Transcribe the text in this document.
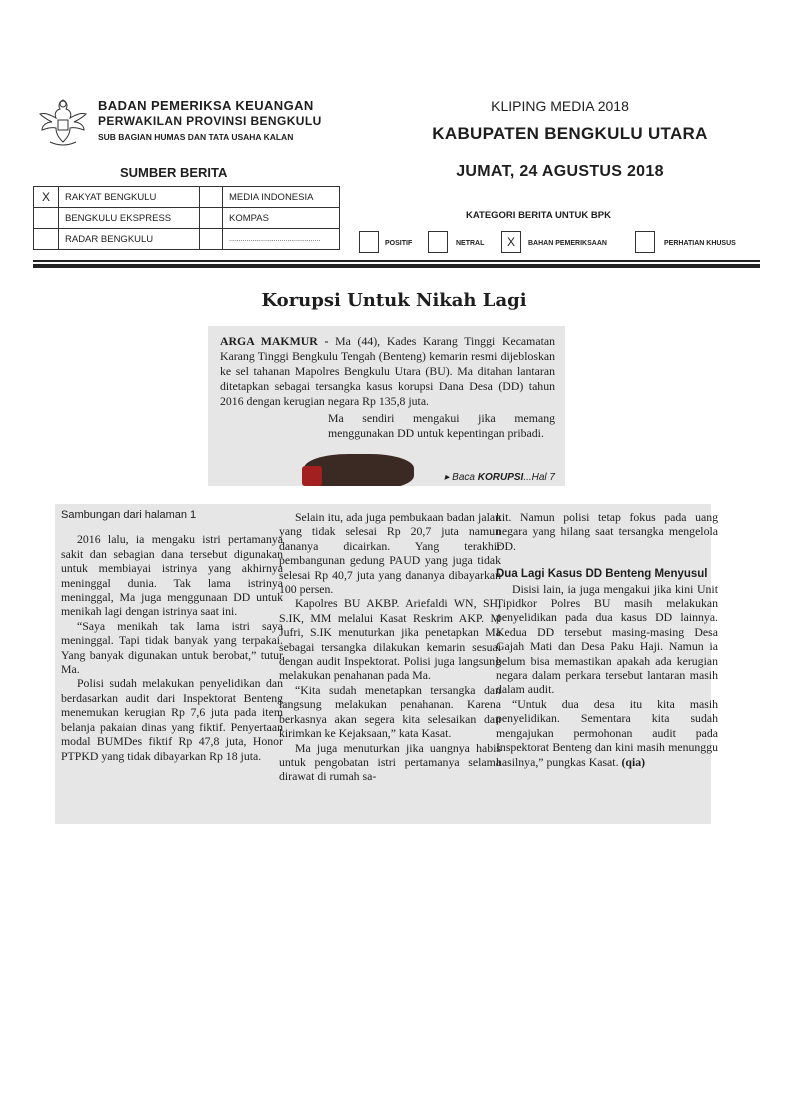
BADAN PEMERIKSA KEUANGAN
PERWAKILAN PROVINSI BENGKULU
SUB BAGIAN HUMAS DAN TATA USAHA KALAN
KLIPING MEDIA 2018
KABUPATEN BENGKULU UTARA
JUMAT, 24 AGUSTUS 2018
SUMBER BERITA
X	RAKYAT BENGKULU		MEDIA INDONESIA
	BENGKULU EKSPRESS		KOMPAS
	RADAR BENGKULU		...............................................
KATEGORI BERITA UNTUK BPK
POSITIF	NETRAL	X	BAHAN PEMERIKSAAN	PERHATIAN KHUSUS
Korupsi Untuk Nikah Lagi

ARGA MAKMUR - Ma (44), Kades Karang Tinggi Kecamatan Karang Tinggi Bengkulu Tengah (Benteng) kemarin resmi dijebloskan ke sel tahanan Mapolres Bengkulu Utara (BU). Ma ditahan lantaran ditetapkan sebagai tersangka kasus korupsi Dana Desa (DD) tahun 2016 dengan kerugian negara Rp 135,8 juta.

Ma sendiri mengakui jika memang menggunakan DD untuk kepentingan pribadi.

▸ Baca KORUPSI...Hal 7

Sambungan dari halaman 1

2016 lalu, ia mengaku istri pertamanya sakit dan sebagian dana tersebut digunakan untuk membiayai istrinya yang akhirnya meninggal dunia. Tak lama istrinya meninggal, Ma juga menggunaan DD untuk menikah lagi dengan istrinya saat ini.

“Saya menikah tak lama istri saya meninggal. Tapi tidak banyak yang terpakai. Yang banyak digunakan untuk berobat,” tutur Ma.

Polisi sudah melakukan penyelidikan dan berdasarkan audit dari Inspektorat Benteng menemukan kerugian Rp 7,6 juta pada item belanja pakaian dinas yang fiktif. Penyertaan modal BUMDes fiktif Rp 47,8 juta, Honor PTPKD yang tidak dibayarkan Rp 18 juta.

Selain itu, ada juga pembukaan badan jalan yang tidak selesai Rp 20,7 juta namun dananya dicairkan. Yang terakhir pembangunan gedung PAUD yang juga tidak selesai Rp 40,7 juta yang dananya dibayarkan 100 persen.

Kapolres BU AKBP. Ariefaldi WN, SH, S.IK, MM melalui Kasat Reskrim AKP. M Jufri, S.IK menuturkan jika penetapkan Ma sebagai tersangka dilakukan kemarin sesuai dengan audit Inspektorat. Polisi juga langsung melakukan penahanan pada Ma.

“Kita sudah menetapkan tersangka dan langsung melakukan penahanan. Karena berkasnya akan segera kita selesaikan dan kirimkan ke Kejaksaan,” kata Kasat.

Ma juga menuturkan jika uangnya habis untuk pengobatan istri pertamanya selama dirawat di rumah sa-

kit. Namun polisi tetap fokus pada uang negara yang hilang saat tersangka mengelola DD.

Dua Lagi Kasus DD Benteng Menyusul

Disisi lain, ia juga mengakui jika kini Unit Tipidkor Polres BU masih melakukan penyelidikan pada dua kasus DD lainnya. Kedua DD tersebut masing-masing Desa Gajah Mati dan Desa Paku Haji. Namun ia belum bisa memastikan apakah ada kerugian negara dalam perkara tersebut lantaran masih dalam audit.

“Untuk dua desa itu kita masih penyelidikan. Sementara kita sudah mengajukan permohonan audit pada Inspektorat Benteng dan kini masih menunggu hasilnya,” pungkas Kasat. (qia)
